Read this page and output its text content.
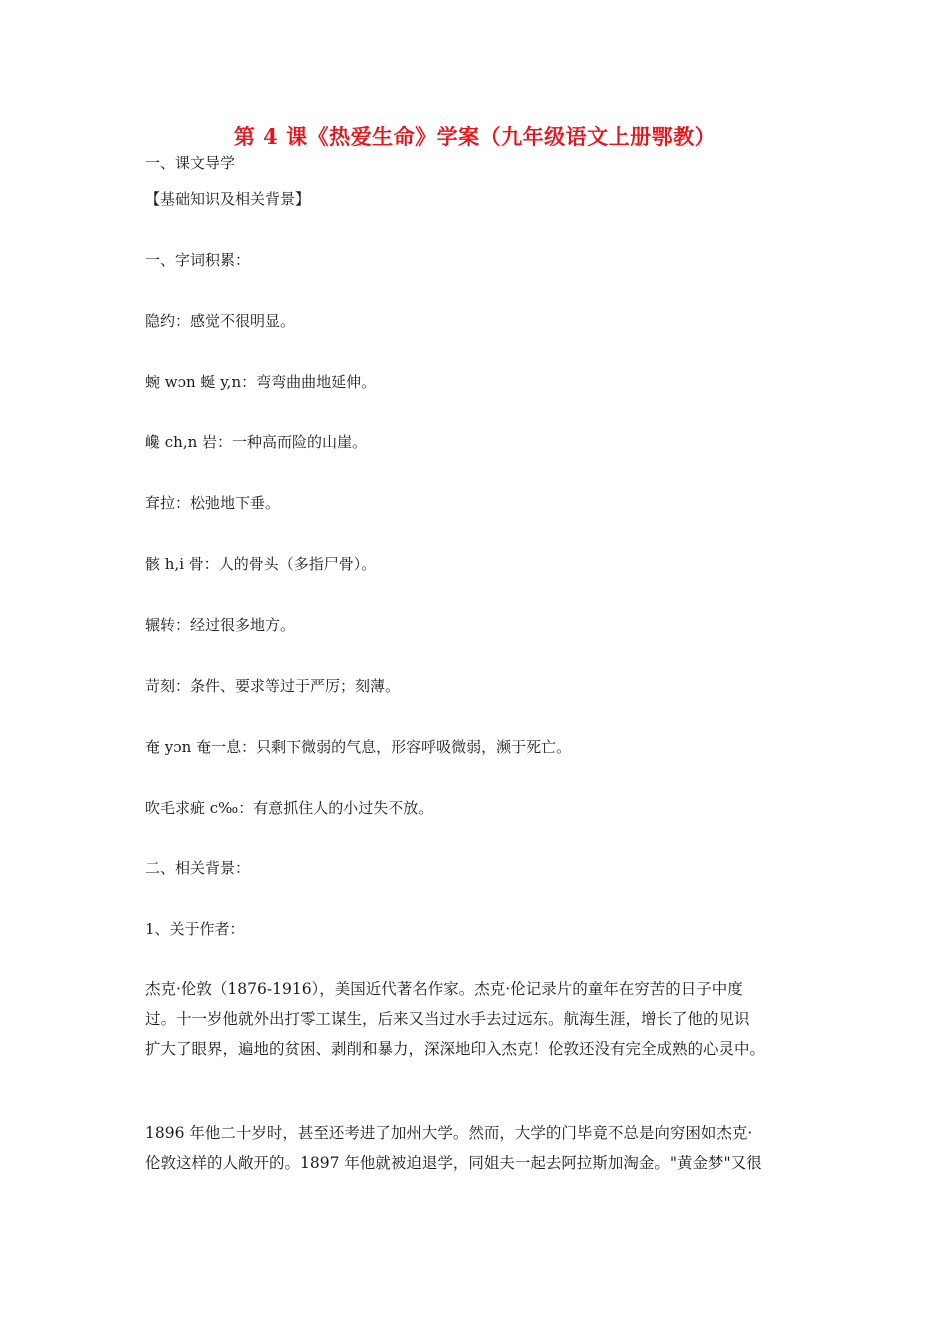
第 4 课《热爱生命》学案（九年级语文上册鄂教）
一、课文导学
【基础知识及相关背景】
一、字词积累：
隐约：感觉不很明显。
蜿 wɔn 蜒 y,n：弯弯曲曲地延伸。
巉 ch,n 岩：一种高而险的山崖。
耷拉：松弛地下垂。
骸 h,i 骨：人的骨头（多指尸骨）。
辗转：经过很多地方。
苛刻：条件、要求等过于严厉；刻薄。
奄 yɔn 奄一息：只剩下微弱的气息，形容呼吸微弱，濒于死亡。
吹毛求疵 c‰：有意抓住人的小过失不放。
二、相关背景：
1、关于作者：
杰克·伦敦（1876-1916），美国近代著名作家。杰克·伦记录片的童年在穷苦的日子中度
过。十一岁他就外出打零工谋生，后来又当过水手去过远东。航海生涯，增长了他的见识
扩大了眼界，遍地的贫困、剥削和暴力，深深地印入杰克！伦敦还没有完全成熟的心灵中。
1896 年他二十岁时，甚至还考进了加州大学。然而，大学的门毕竟不总是向穷困如杰克·
伦敦这样的人敞开的。1897 年他就被迫退学，同姐夫一起去阿拉斯加淘金。"黄金梦"又很
